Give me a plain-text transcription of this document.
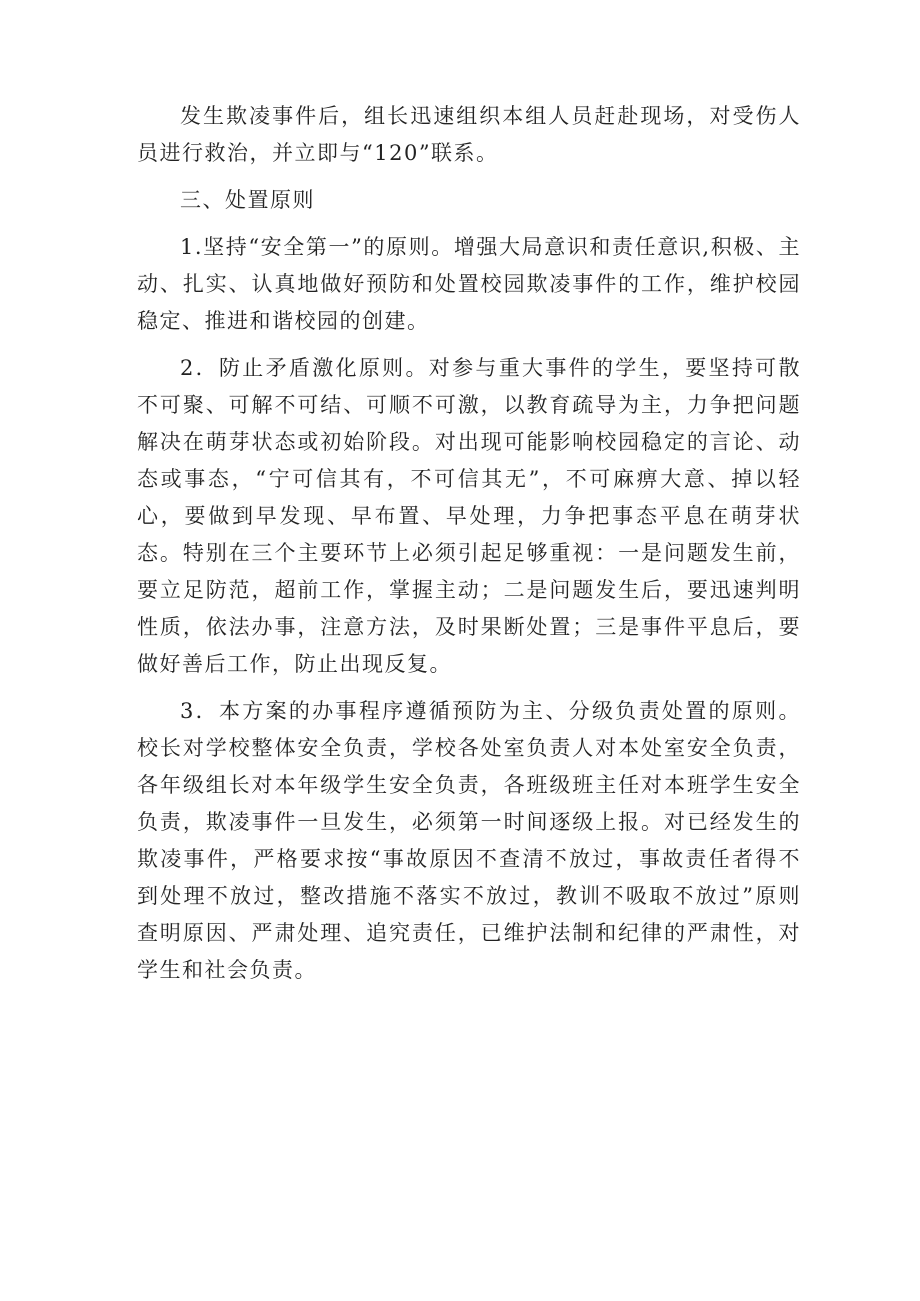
发生欺凌事件后，组长迅速组织本组人员赶赴现场，对受伤人员进行救治，并立即与“120”联系。

三、处置原则

1.坚持“安全第一”的原则。增强大局意识和责任意识,积极、主动、扎实、认真地做好预防和处置校园欺凌事件的工作，维护校园稳定、推进和谐校园的创建。

2．防止矛盾激化原则。对参与重大事件的学生，要坚持可散不可聚、可解不可结、可顺不可激，以教育疏导为主，力争把问题解决在萌芽状态或初始阶段。对出现可能影响校园稳定的言论、动态或事态，“宁可信其有，不可信其无”，不可麻痹大意、掉以轻心，要做到早发现、早布置、早处理，力争把事态平息在萌芽状态。特别在三个主要环节上必须引起足够重视：一是问题发生前，要立足防范，超前工作，掌握主动；二是问题发生后，要迅速判明性质，依法办事，注意方法，及时果断处置；三是事件平息后，要做好善后工作，防止出现反复。

3．本方案的办事程序遵循预防为主、分级负责处置的原则。校长对学校整体安全负责，学校各处室负责人对本处室安全负责，各年级组长对本年级学生安全负责，各班级班主任对本班学生安全负责，欺凌事件一旦发生，必须第一时间逐级上报。对已经发生的欺凌事件，严格要求按“事故原因不查清不放过，事故责任者得不到处理不放过，整改措施不落实不放过，教训不吸取不放过”原则查明原因、严肃处理、追究责任，已维护法制和纪律的严肃性，对学生和社会负责。
